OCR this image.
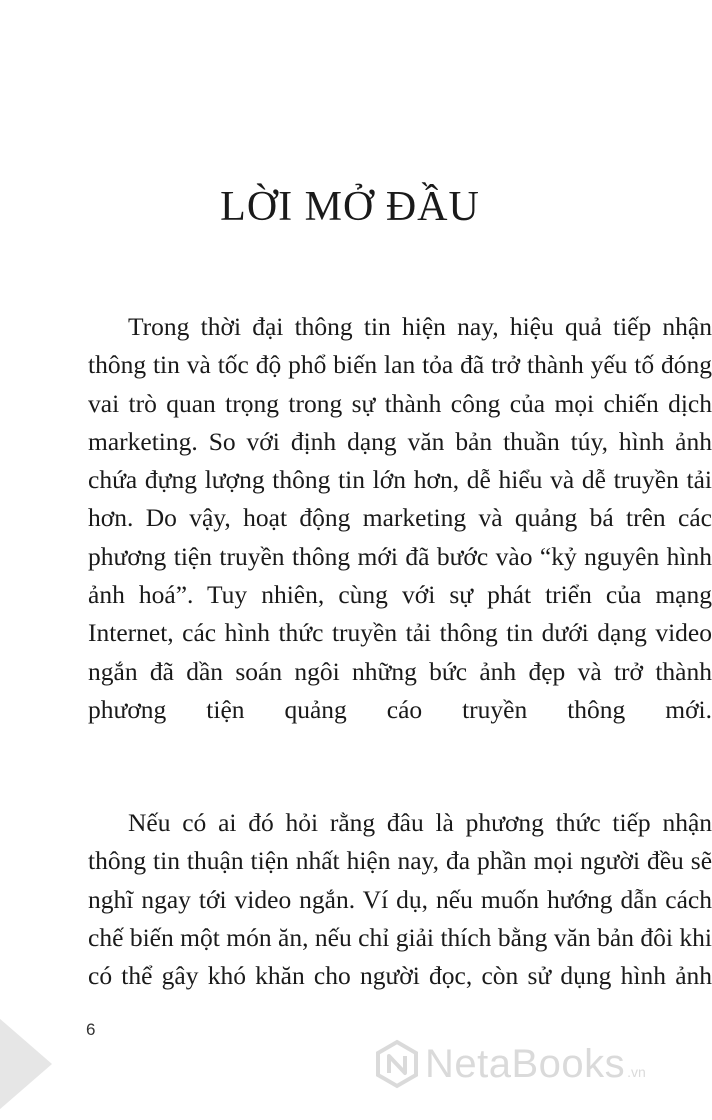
LỜI MỞ ĐẦU

Trong thời đại thông tin hiện nay, hiệu quả tiếp nhận thông tin và tốc độ phổ biến lan tỏa đã trở thành yếu tố đóng vai trò quan trọng trong sự thành công của mọi chiến dịch marketing. So với định dạng văn bản thuần túy, hình ảnh chứa đựng lượng thông tin lớn hơn, dễ hiểu và dễ truyền tải hơn. Do vậy, hoạt động marketing và quảng bá trên các phương tiện truyền thông mới đã bước vào “kỷ nguyên hình ảnh hoá”. Tuy nhiên, cùng với sự phát triển của mạng Internet, các hình thức truyền tải thông tin dưới dạng video ngắn đã dần soán ngôi những bức ảnh đẹp và trở thành phương tiện quảng cáo truyền thông mới.

Nếu có ai đó hỏi rằng đâu là phương thức tiếp nhận thông tin thuận tiện nhất hiện nay, đa phần mọi người đều sẽ nghĩ ngay tới video ngắn. Ví dụ, nếu muốn hướng dẫn cách chế biến một món ăn, nếu chỉ giải thích bằng văn bản đôi khi có thể gây khó khăn cho người đọc, còn sử dụng hình ảnh

6
NetaBooks .vn
